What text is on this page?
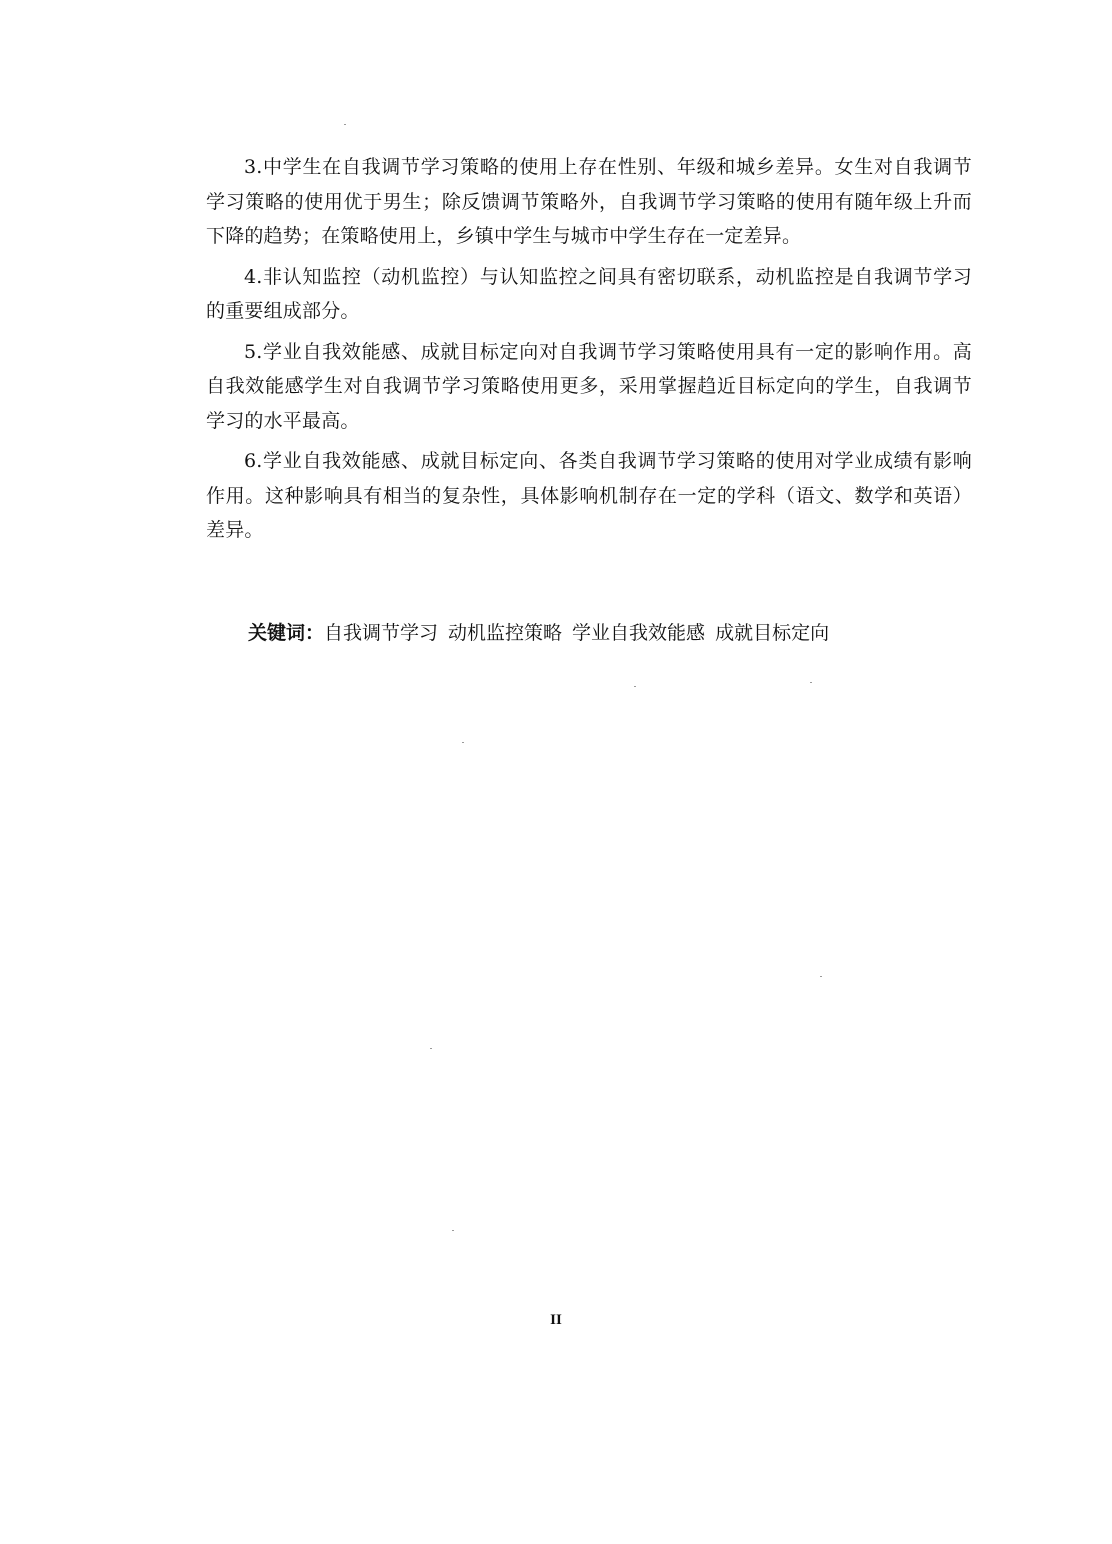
3.中学生在自我调节学习策略的使用上存在性别、年级和城乡差异。女生对自我调节学习策略的使用优于男生；除反馈调节策略外，自我调节学习策略的使用有随年级上升而下降的趋势；在策略使用上，乡镇中学生与城市中学生存在一定差异。

4.非认知监控（动机监控）与认知监控之间具有密切联系，动机监控是自我调节学习的重要组成部分。

5.学业自我效能感、成就目标定向对自我调节学习策略使用具有一定的影响作用。高自我效能感学生对自我调节学习策略使用更多，采用掌握趋近目标定向的学生，自我调节学习的水平最高。

6.学业自我效能感、成就目标定向、各类自我调节学习策略的使用对学业成绩有影响作用。这种影响具有相当的复杂性，具体影响机制存在一定的学科（语文、数学和英语）差异。

关键词：自我调节学习 动机监控策略 学业自我效能感 成就目标定向
II
